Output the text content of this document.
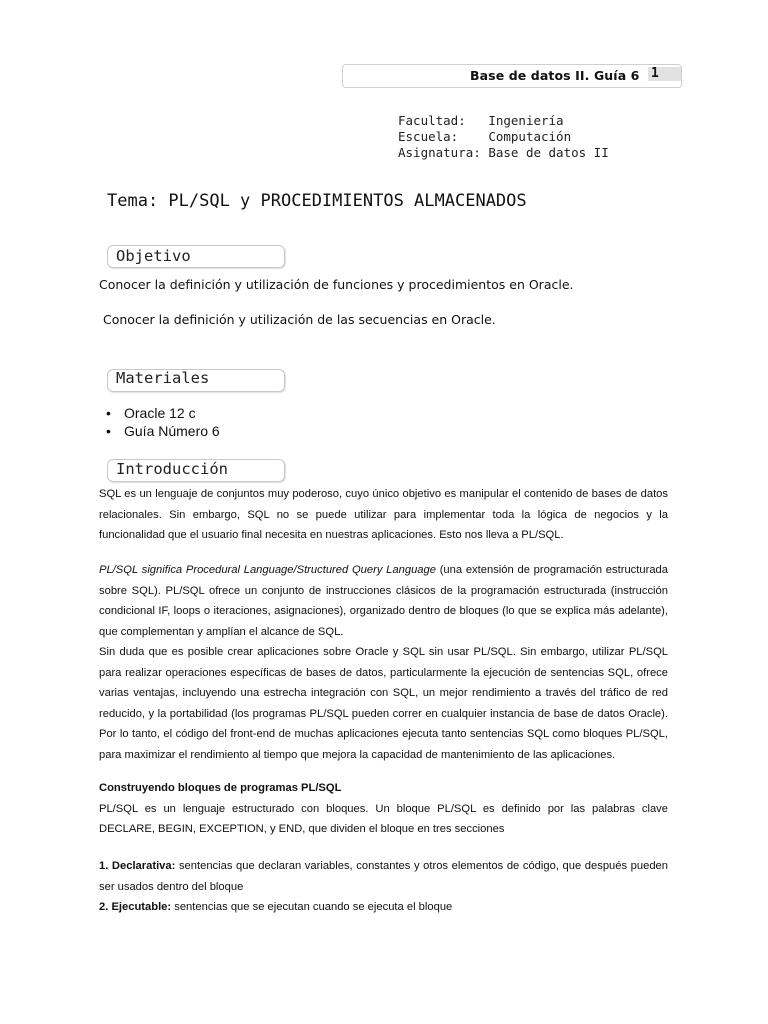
Base de datos II. Guía 6 1
Facultad:   Ingeniería
Escuela:    Computación
Asignatura: Base de datos II
Tema: PL/SQL y PROCEDIMIENTOS ALMACENADOS
Objetivo
Conocer la definición y utilización de funciones y procedimientos en Oracle.
Conocer la definición y utilización de las secuencias en Oracle.
Materiales
• Oracle 12 c
• Guía Número 6
Introducción

SQL es un lenguaje de conjuntos muy poderoso, cuyo único objetivo es manipular el contenido de bases de datos relacionales. Sin embargo, SQL no se puede utilizar para implementar toda la lógica de negocios y la funcionalidad que el usuario final necesita en nuestras aplicaciones. Esto nos lleva a PL/SQL.

PL/SQL significa Procedural Language/Structured Query Language (una extensión de programación estructurada sobre SQL). PL/SQL ofrece un conjunto de instrucciones clásicos de la programación estructurada (instrucción condicional IF, loops o iteraciones, asignaciones), organizado dentro de bloques (lo que se explica más adelante), que complementan y amplían el alcance de SQL.

Sin duda que es posible crear aplicaciones sobre Oracle y SQL sin usar PL/SQL. Sin embargo, utilizar PL/SQL para realizar operaciones específicas de bases de datos, particularmente la ejecución de sentencias SQL, ofrece varias ventajas, incluyendo una estrecha integración con SQL, un mejor rendimiento a través del tráfico de red reducido, y la portabilidad (los programas PL/SQL pueden correr en cualquier instancia de base de datos Oracle). Por lo tanto, el código del front-end de muchas aplicaciones ejecuta tanto sentencias SQL como bloques PL/SQL, para maximizar el rendimiento al tiempo que mejora la capacidad de mantenimiento de las aplicaciones.

Construyendo bloques de programas PL/SQL

PL/SQL es un lenguaje estructurado con bloques. Un bloque PL/SQL es definido por las palabras clave DECLARE, BEGIN, EXCEPTION, y END, que dividen el bloque en tres secciones

1. Declarativa: sentencias que declaran variables, constantes y otros elementos de código, que después pueden ser usados dentro del bloque

2. Ejecutable: sentencias que se ejecutan cuando se ejecuta el bloque
